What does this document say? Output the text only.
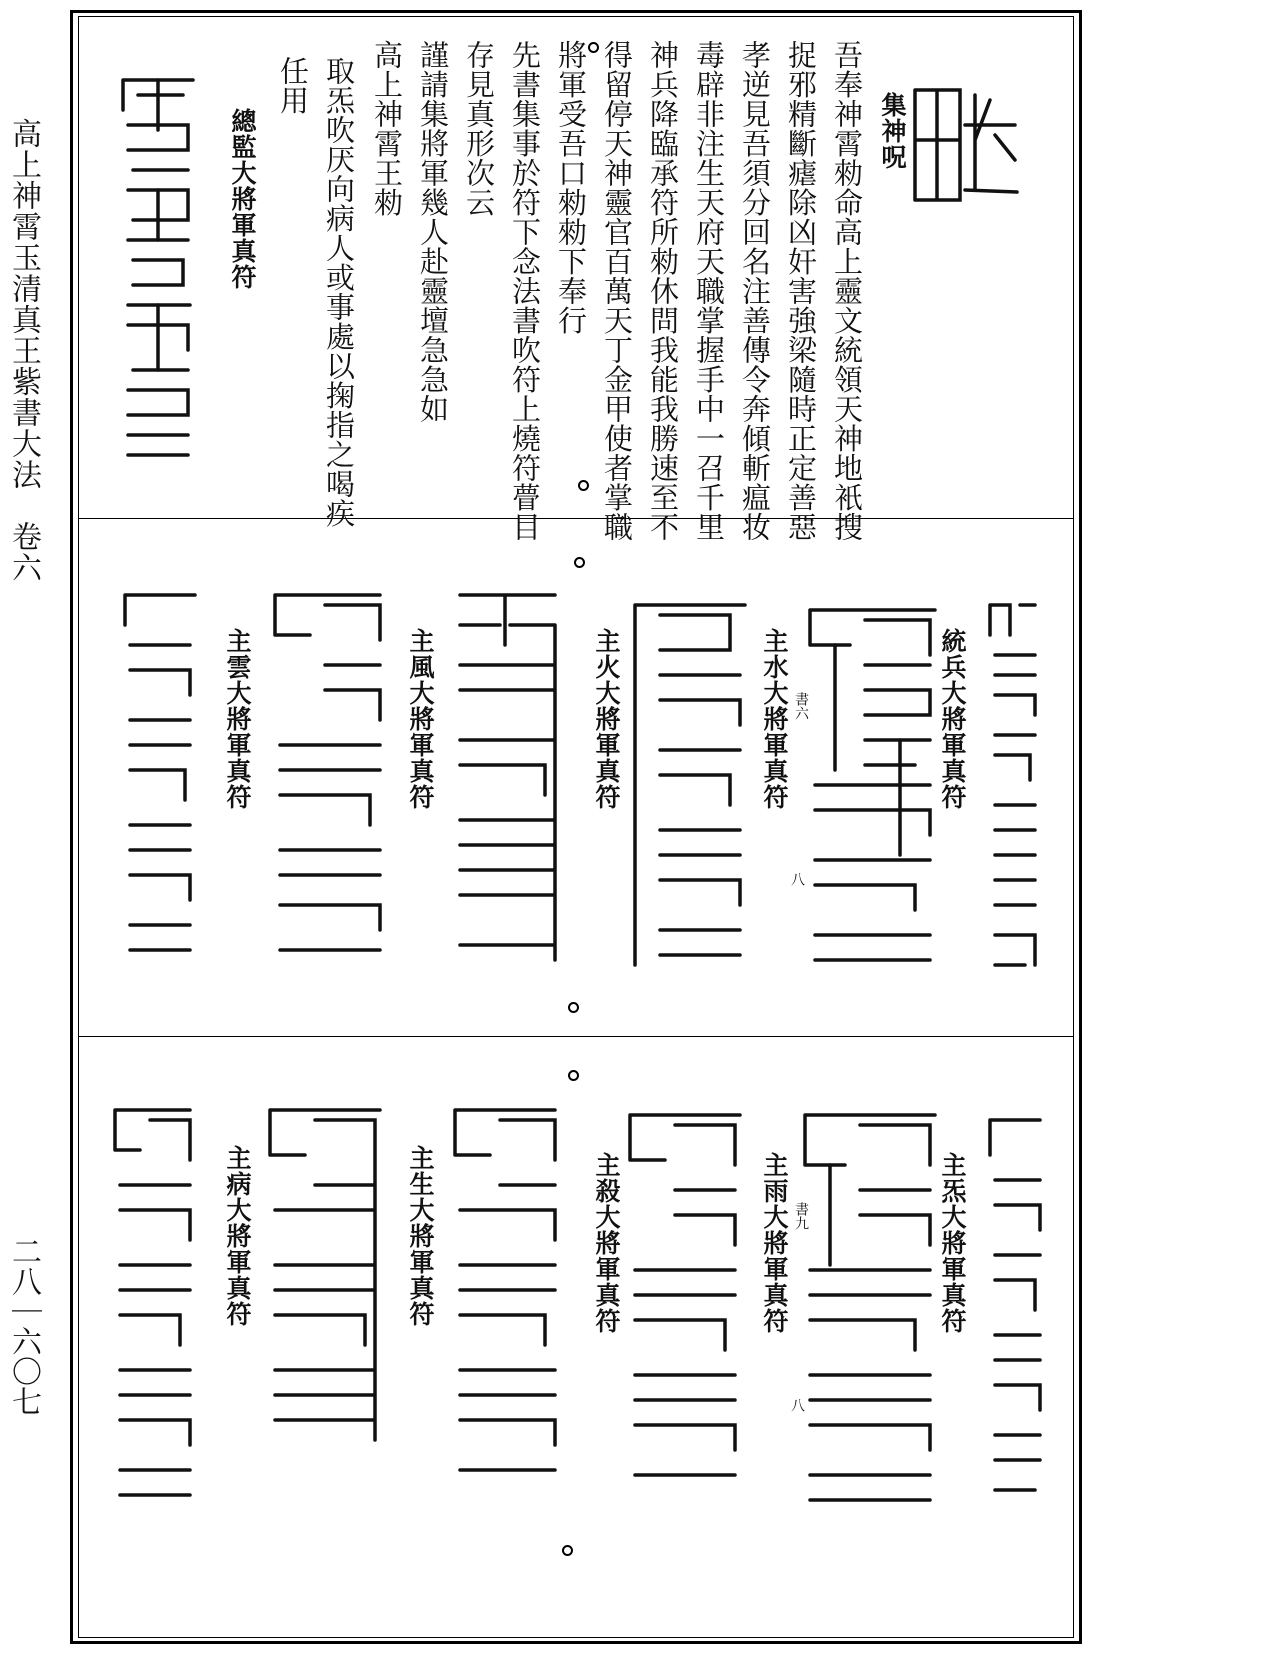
高上神霄玉清真王紫書大法　卷六
二八｜六〇七
集神呪
吾奉神霄勑命高上靈文統領天神地衹搜
捉邪精斷瘧除凶奸害強梁隨時正定善惡
孝逆見吾須分回名注善傳令奔傾斬瘟妆
毒辟非注生天府天職掌握手中一召千里
神兵降臨承符所勑休問我能我勝速至不
得留停天神靈官百萬天丁金甲使者掌職
將軍受吾口勑勑下奉行
先書集事於符下念法書吹符上燒符瞢目
存見真形次云
謹請集將軍幾人赴靈壇急急如
高上神霄王勑
取炁吹厌向病人或事處以掬指之喝疾
任用
總監大將軍真符
統兵大將軍真符
主水大將軍真符
主火大將軍真符
主風大將軍真符
主雲大將軍真符	書六
八
主炁大將軍真符
主雨大將軍真符
主殺大將軍真符
主生大將軍真符
主病大將軍真符	書九
八
